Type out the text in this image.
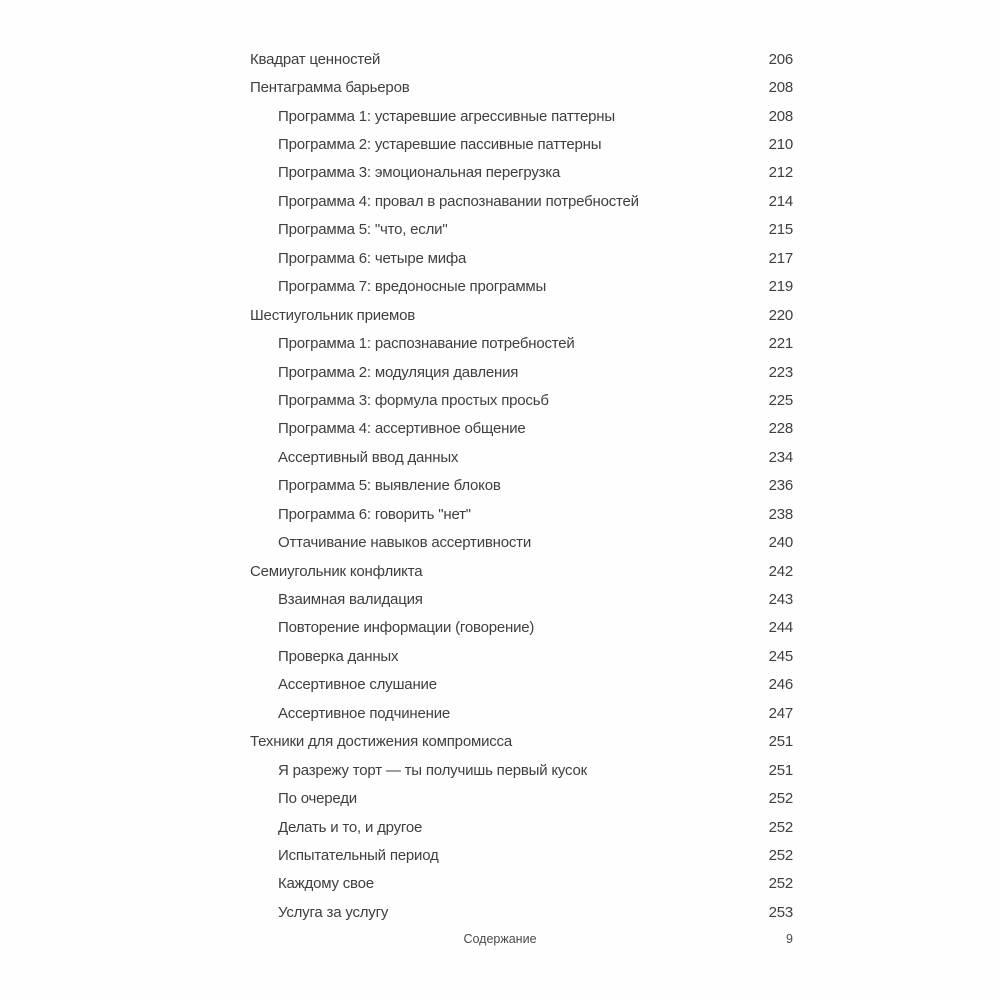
Квадрат ценностей	206
Пентаграмма барьеров	208
Программа 1: устаревшие агрессивные паттерны	208
Программа 2: устаревшие пассивные паттерны	210
Программа 3: эмоциональная перегрузка	212
Программа 4: провал в распознавании потребностей	214
Программа 5: "что, если"	215
Программа 6: четыре мифа	217
Программа 7: вредоносные программы	219
Шестиугольник приемов	220
Программа 1: распознавание потребностей	221
Программа 2: модуляция давления	223
Программа 3: формула простых просьб	225
Программа 4: ассертивное общение	228
Ассертивный ввод данных	234
Программа 5: выявление блоков	236
Программа 6: говорить "нет"	238
Оттачивание навыков ассертивности	240
Семиугольник конфликта	242
Взаимная валидация	243
Повторение информации (говорение)	244
Проверка данных	245
Ассертивное слушание	246
Ассертивное подчинение	247
Техники для достижения компромисса	251
Я разрежу торт — ты получишь первый кусок	251
По очереди	252
Делать и то, и другое	252
Испытательный период	252
Каждому свое	252
Услуга за услугу	253
Содержание	9
